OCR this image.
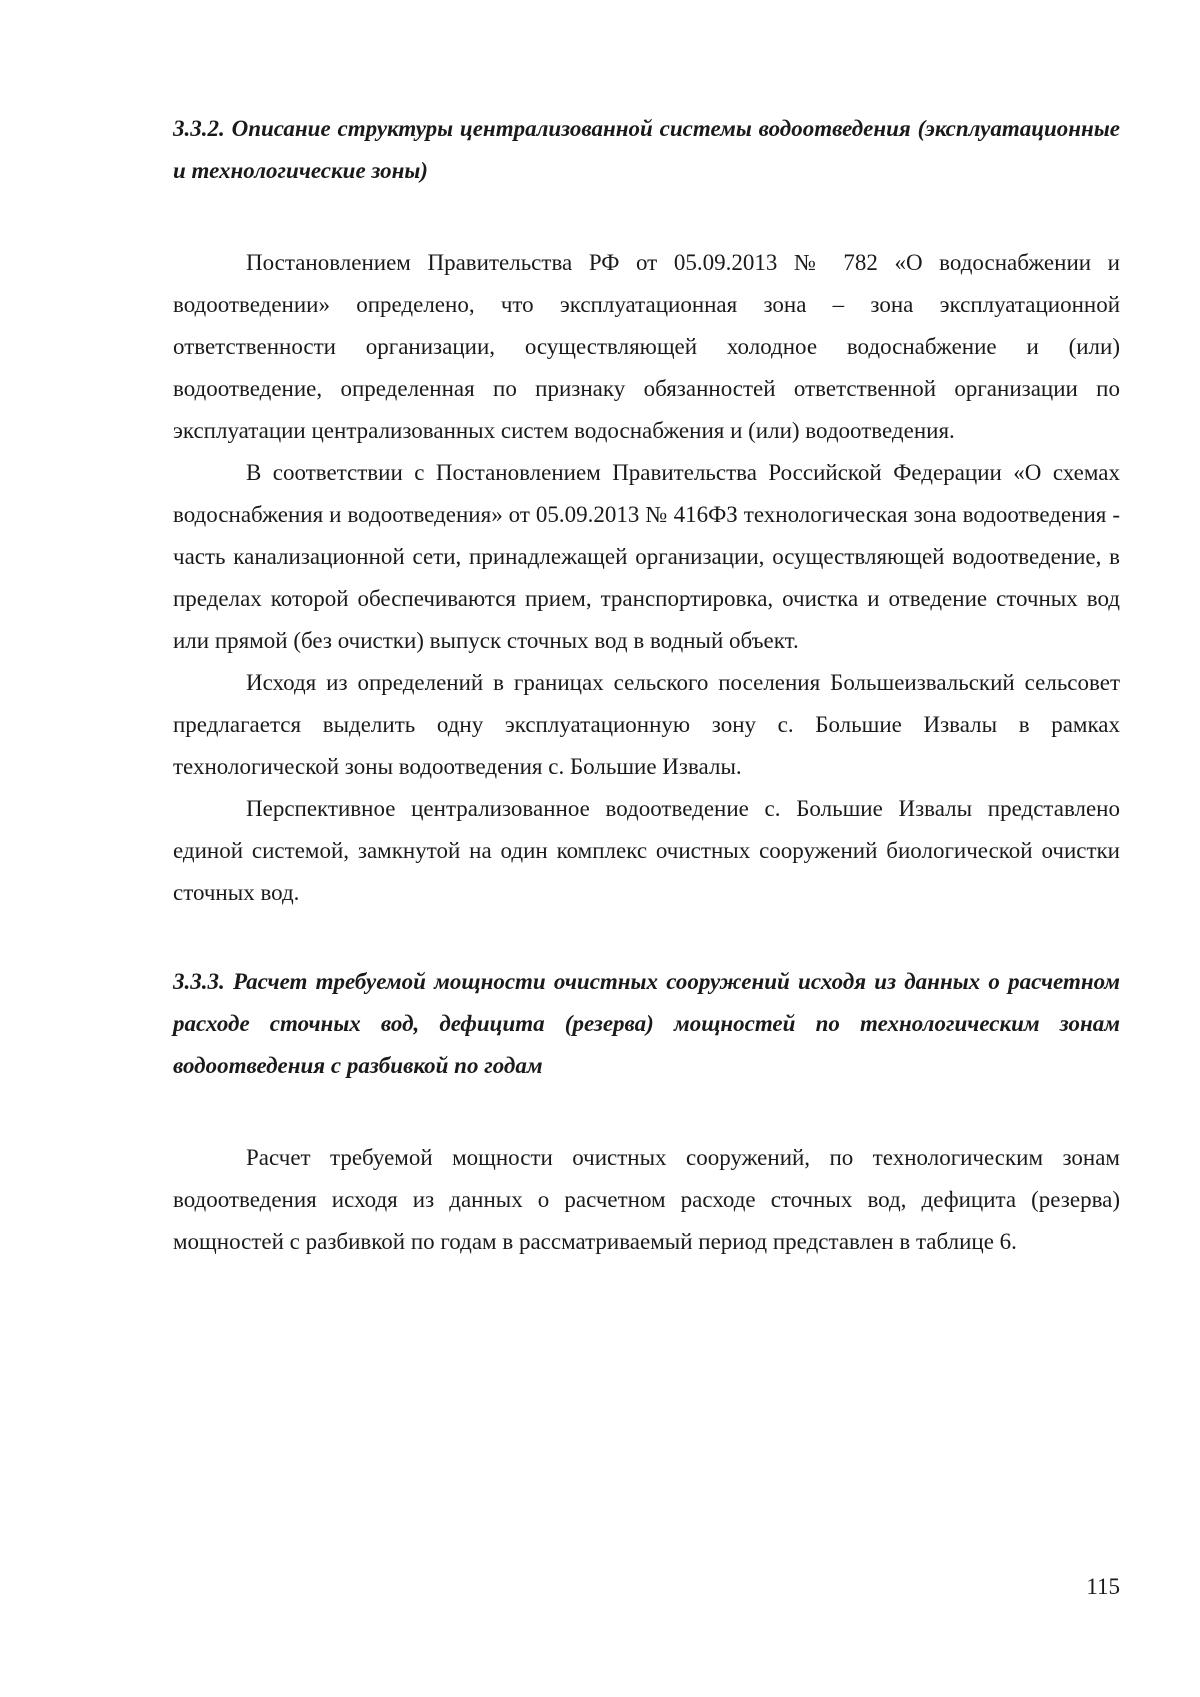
3.3.2. Описание структуры централизованной системы водоотведения (эксплуатационные и технологические зоны)

Постановлением Правительства РФ от 05.09.2013 № 782 «О водоснабжении и водоотведении» определено, что эксплуатационная зона – зона эксплуатационной ответственности организации, осуществляющей холодное водоснабжение и (или) водоотведение, определенная по признаку обязанностей ответственной организации по эксплуатации централизованных систем водоснабжения и (или) водоотведения.

В соответствии с Постановлением Правительства Российской Федерации «О схемах водоснабжения и водоотведения» от 05.09.2013 № 416ФЗ технологическая зона водоотведения - часть канализационной сети, принадлежащей организации, осуществляющей водоотведение, в пределах которой обеспечиваются прием, транспортировка, очистка и отведение сточных вод или прямой (без очистки) выпуск сточных вод в водный объект.

Исходя из определений в границах сельского поселения Большеизвальский сельсовет предлагается выделить одну эксплуатационную зону с. Большие Извалы в рамках технологической зоны водоотведения с. Большие Извалы.

Перспективное централизованное водоотведение с. Большие Извалы представлено единой системой, замкнутой на один комплекс очистных сооружений биологической очистки сточных вод.

3.3.3. Расчет требуемой мощности очистных сооружений исходя из данных о расчетном расходе сточных вод, дефицита (резерва) мощностей по технологическим зонам водоотведения с разбивкой по годам

Расчет требуемой мощности очистных сооружений, по технологическим зонам водоотведения исходя из данных о расчетном расходе сточных вод, дефицита (резерва) мощностей с разбивкой по годам в рассматриваемый период представлен в таблице 6.

115
